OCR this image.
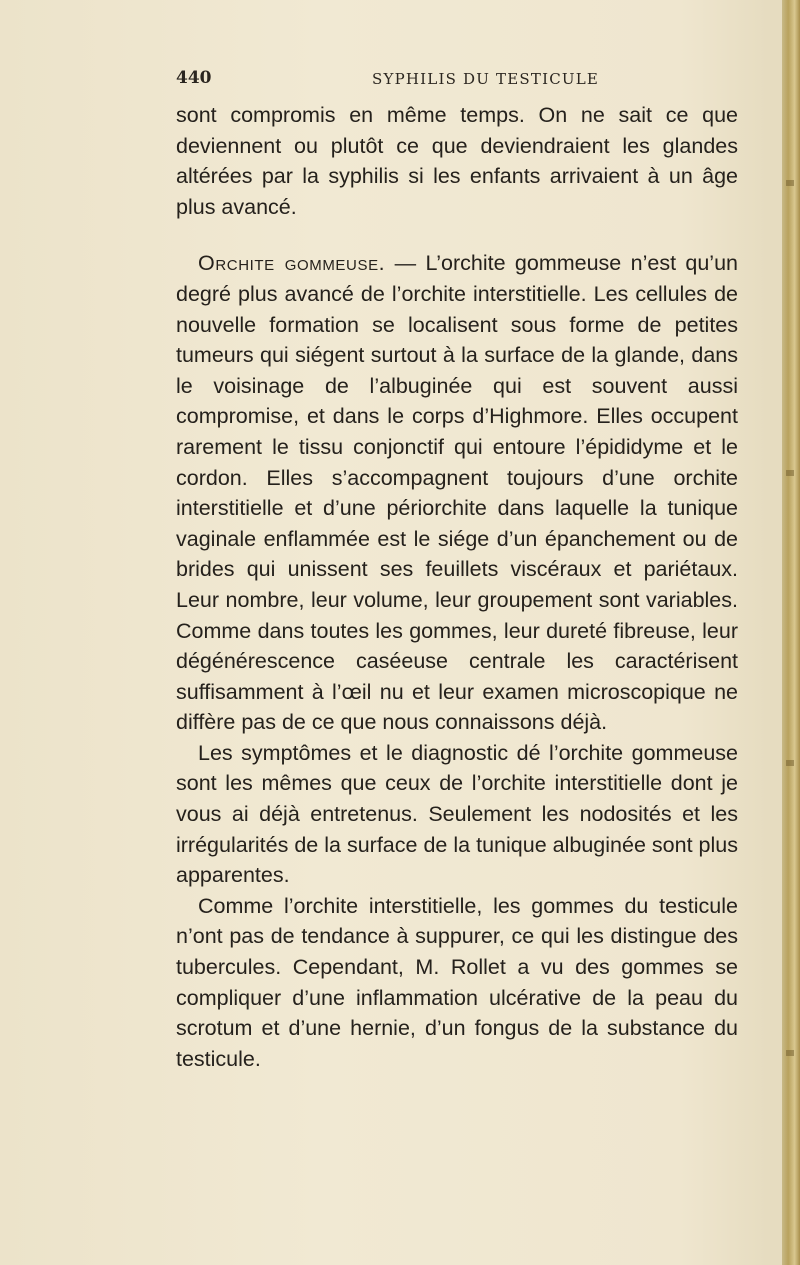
440	SYPHILIS DU TESTICULE

sont compromis en même temps. On ne sait ce que deviennent ou plutôt ce que deviendraient les glandes altérées par la syphilis si les enfants arrivaient à un âge plus avancé.

Orchite gommeuse. — L’orchite gommeuse n’est qu’un degré plus avancé de l’orchite interstitielle. Les cellules de nouvelle formation se localisent sous forme de petites tumeurs qui siégent surtout à la surface de la glande, dans le voisinage de l’albuginée qui est souvent aussi compromise, et dans le corps d’Highmore. Elles occupent rarement le tissu conjonctif qui entoure l’épididyme et le cordon. Elles s’accompagnent toujours d’une orchite interstitielle et d’une périorchite dans laquelle la tunique vaginale enflammée est le siége d’un épanchement ou de brides qui unissent ses feuillets viscéraux et pariétaux. Leur nombre, leur volume, leur groupement sont variables. Comme dans toutes les gommes, leur dureté fibreuse, leur dégénérescence caséeuse centrale les caractérisent suffisamment à l’œil nu et leur examen microscopique ne diffère pas de ce que nous connaissons déjà.

Les symptômes et le diagnostic dé l’orchite gommeuse sont les mêmes que ceux de l’orchite interstitielle dont je vous ai déjà entretenus. Seulement les nodosités et les irrégularités de la surface de la tunique albuginée sont plus apparentes.

Comme l’orchite interstitielle, les gommes du testicule n’ont pas de tendance à suppurer, ce qui les distingue des tubercules. Cependant, M. Rollet a vu des gommes se compliquer d’une inflammation ulcérative de la peau du scrotum et d’une hernie, d’un fongus de la substance du testicule.
